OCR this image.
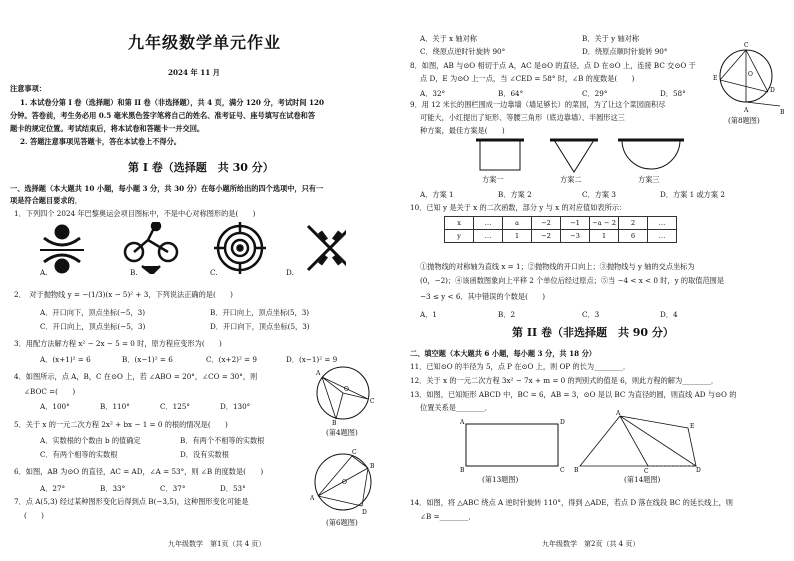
九年级数学单元作业
2024 年 11 月
注意事项：
1. 本试卷分第 I 卷（选择题）和第 II 卷（非选择题），共 4 页，满分 120 分，考试时间 120
分钟。答卷前，考生务必用 0.5 毫米黑色签字笔将自己的姓名、准考证号、座号填写在试卷和答
题卡的规定位置。考试结束后，将本试卷和答题卡一并交回。
2. 答题注意事项见答题卡，答在本试卷上不得分。
第 I 卷（选择题　共 30 分）
一、选择题（本大题共 10 小题，每小题 3 分，共 30 分）在每小题所给出的四个选项中，只有一
项是符合题目要求的．
1．下列四个 2024 年巴黎奥运会项目图标中，不是中心对称图形的是(　　)
A.	B.	C.	D.
2．　对于抛物线 y = −(1/3)(x − 5)² + 3，下列说法正确的是(　　)
A．开口向下，顶点坐标(−5，3)	B．开口向上，顶点坐标(5，3)
C．开口向上，顶点坐标(−5，3)	D．开口向下，顶点坐标(5，3)
3．用配方法解方程 x² − 2x − 5 = 0 时，原方程应变形为(　　)
A．(x+1)² = 6	B．(x−1)² = 6	C．(x+2)² = 9	D．(x−1)² = 9
4．如图所示，点 A，B，C 在⊙O 上，若 ∠ABO = 20°，∠CO = 30°，则
∠BOC =(　　)
A．100°	B．110°	C．125°	D．130°
A
C
O
B
(第4题图)
5．关于 x 的一元二次方程 2x² + bx − 1 = 0 的根的情况是(　　)
A．实数根的个数由 b 的值确定	B．有两个不相等的实数根
C．有两个相等的实数根	D．没有实数根
6．如图，AB 为⊙O 的直径，AC = AD，∠A = 53°，则 ∠B 的度数是(　　)
A．27°	B．33°	C．37°	D．53°
A
B
C
D
O
(第6题图)
7．点 A(5,3) 经过某种图形变化后得到点 B(−3,5)，这种图形变化可能是
(　　)
九年级数学　第1页（共 4 页）
A．关于 x 轴对称	B．关于 y 轴对称
C．绕原点逆时针旋转 90°	D．绕原点顺时针旋转 90°
8．如图，AB 与⊙O 相切于点 A，AC 是⊙O 的直径，点 D 在⊙O 上，连接 BC 交⊙O 于
点 D，E 为⊙O 上一点，当 ∠CED = 58° 时，∠B 的度数是(　　)
A．32°	B．64°	C．29°	D．58°
C
E
D
A	B
O
(第8题图)
9．用 12 米长的围栏围成一边靠墙（墙足够长）的菜园，为了让这个菜园面积尽
可能大，小红提出了矩形、等腰三角形（底边靠墙）、半圆形这三
种方案，最佳方案是(　　)
方案一	方案二	方案三
A．方案 1	B．方案 2	C．方案 3	D．方案 1 或方案 2
10．已知 y 是关于 x 的二次函数，部分 y 与 x 的对应值如表所示：
x	…	a	−2	−1	−a − 2	2	…
y	…	1	−2	−3	1	6	…
①抛物线的对称轴为直线 x = 1；②抛物线的开口向上；③抛物线与 y 轴的交点坐标为
(0，−2)；④该函数图象向上平移 2 个单位后经过原点；⑤当 −4 < x < 0 时，y 的取值范围是
−3 ≤ y < 6．其中错误的个数是(　　)
A．1	B．2	C．3	D．4
第 II 卷（非选择题　共 90 分）
二、填空题（本大题共 6 小题，每小题 3 分，共 18 分）
11．已知⊙O 的半径为 5，点 P 在⊙O 上，则 OP 的长为________．
12．关于 x 的一元二次方程 3x² − 7x + m = 0 的判别式的值是 6，则此方程的解为________．
13．如图，已知矩形 ABCD 中，BC = 6，AB = 3，⊙O 是以 BC 为直径的圆，则直线 AD 与⊙O 的
位置关系是________．
A	D
B	C
(第13题图)
A
B	C	D
E
(第14题图)
14．如图，将 △ABC 绕点 A 逆时针旋转 110°，得到 △ADE，若点 D 落在线段 BC 的延长线上，则
∠B =________．
九年级数学　第2页（共 4 页）
